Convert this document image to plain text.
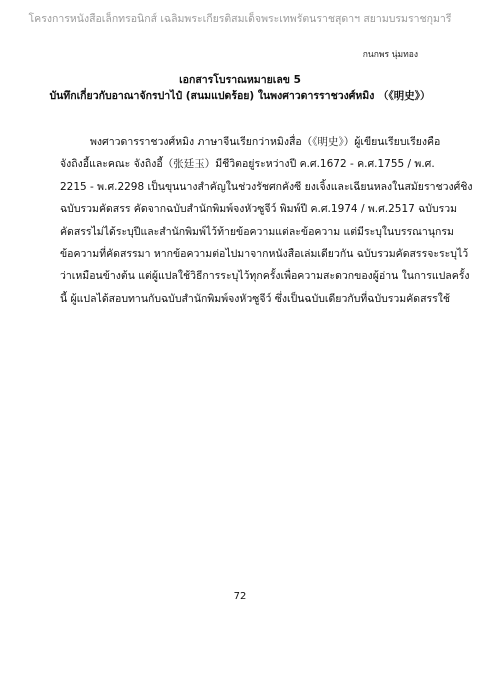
โครงการหนังสือเล็กทรอนิกส์ เฉลิมพระเกียรติสมเด็จพระเทพรัตนราชสุดาฯ สยามบรมราชกุมารี
กนกพร นุ่มทอง
เอกสารโบราณหมายเลข 5
บันทึกเกี่ยวกับอาณาจักรปาไป๋ (สนมแปดร้อย) ในพงศาวดารราชวงศ์หมิง （《明史》）
พงศาวดารราชวงศ์หมิง ภาษาจีนเรียกว่าหมิงสื่อ（《明史》）ผู้เขียนเรียบเรียงคือ
จังถิงอี้และคณะ จังถิงอี้（张廷玉）มีชีวิตอยู่ระหว่างปี ค.ศ.1672 - ค.ศ.1755 / พ.ศ.
2215 - พ.ศ.2298 เป็นขุนนางสำคัญในช่วงรัชศกคังซี ยงเจิ้งและเฉียนหลงในสมัยราชวงศ์ชิง
ฉบับรวมคัดสรร คัดจากฉบับสำนักพิมพ์จงหัวซูจีว์ พิมพ์ปี ค.ศ.1974 / พ.ศ.2517 ฉบับรวม
คัดสรรไม่ได้ระบุปีและสำนักพิมพ์ไว้ท้ายข้อความแต่ละข้อความ แต่มีระบุในบรรณานุกรม
ข้อความที่คัดสรรมา หากข้อความต่อไปมาจากหนังสือเล่มเดียวกัน ฉบับรวมคัดสรรจะระบุไว้
ว่าเหมือนข้างต้น แต่ผู้แปลใช้วิธีการระบุไว้ทุกครั้งเพื่อความสะดวกของผู้อ่าน ในการแปลครั้ง
นี้ ผู้แปลได้สอบทานกับฉบับสำนักพิมพ์จงหัวซูจีว์ ซึ่งเป็นฉบับเดียวกับที่ฉบับรวมคัดสรรใช้
72
